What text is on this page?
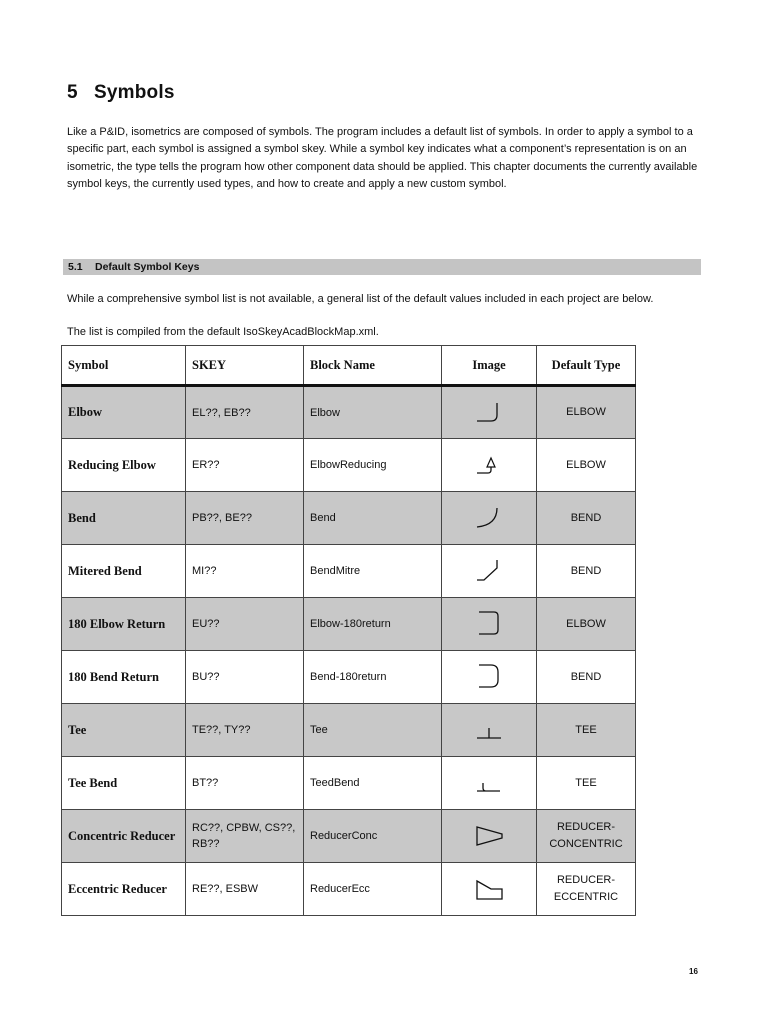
5 Symbols

Like a P&ID, isometrics are composed of symbols. The program includes a default list of symbols. In order to apply a symbol to a specific part, each symbol is assigned a symbol skey. While a symbol key indicates what a component’s representation is on an isometric, the type tells the program how other component data should be applied. This chapter documents the currently available symbol keys, the currently used types, and how to create and apply a new custom symbol.

5.1 Default Symbol Keys

While a comprehensive symbol list is not available, a general list of the default values included in each project are below.

The list is compiled from the default IsoSkeyAcadBlockMap.xml.

Symbol	SKEY	Block Name	Image	Default Type
Elbow	EL??, EB??	Elbow		ELBOW
Reducing Elbow	ER??	ElbowReducing		ELBOW
Bend	PB??, BE??	Bend		BEND
Mitered Bend	MI??	BendMitre		BEND
180 Elbow Return	EU??	Elbow-180return		ELBOW
180 Bend Return	BU??	Bend-180return		BEND
Tee	TE??, TY??	Tee		TEE
Tee Bend	BT??	TeedBend		TEE
Concentric Reducer	RC??, CPBW, CS??, RB??	ReducerConc		REDUCER-CONCENTRIC
Eccentric Reducer	RE??, ESBW	ReducerEcc		REDUCER-ECCENTRIC
16
